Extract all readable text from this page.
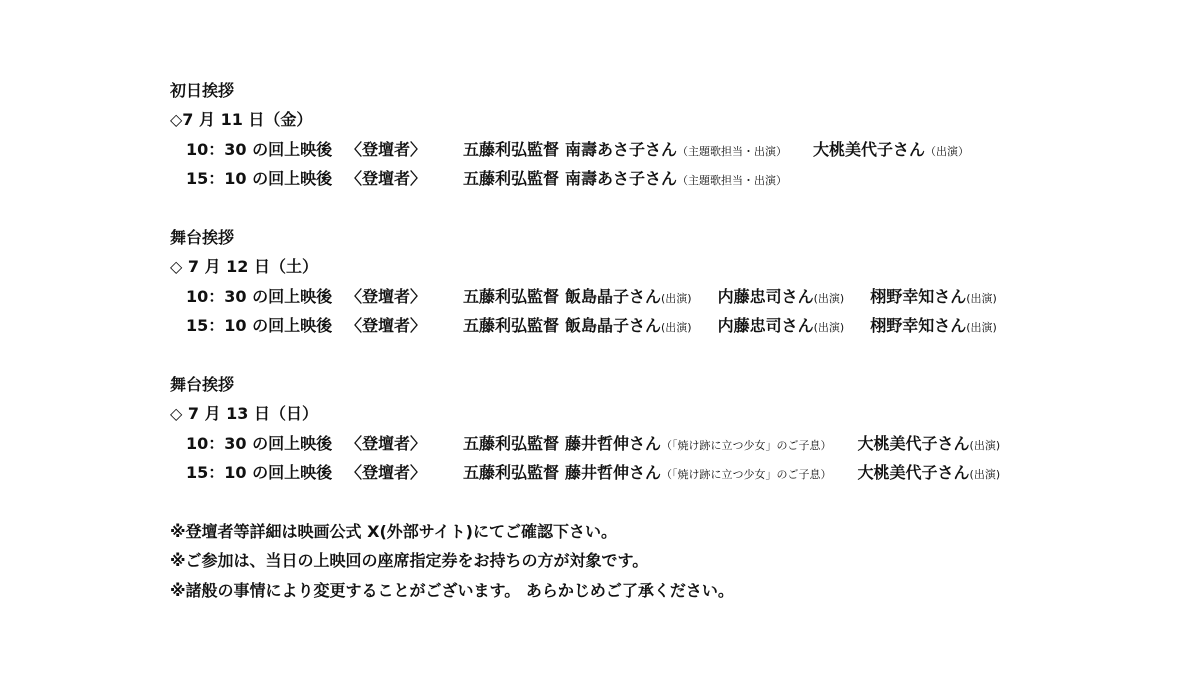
初日挨拶
◇7 月 11 日（金）
10：30 の回上映後 〈登壇者〉 五藤利弘監督 南壽あさ子さん（主題歌担当・出演） 大桃美代子さん（出演）
15：10 の回上映後 〈登壇者〉 五藤利弘監督 南壽あさ子さん（主題歌担当・出演）
舞台挨拶
◇ 7 月 12 日（土）
10：30 の回上映後 〈登壇者〉 五藤利弘監督 飯島晶子さん(出演) 内藤忠司さん(出演) 栩野幸知さん(出演)
15：10 の回上映後 〈登壇者〉 五藤利弘監督 飯島晶子さん(出演) 内藤忠司さん(出演) 栩野幸知さん(出演)
舞台挨拶
◇ 7 月 13 日（日）
10：30 の回上映後 〈登壇者〉 五藤利弘監督 藤井哲伸さん（「焼け跡に立つ少女」のご子息） 大桃美代子さん(出演)
15：10 の回上映後 〈登壇者〉 五藤利弘監督 藤井哲伸さん（「焼け跡に立つ少女」のご子息） 大桃美代子さん(出演)
※登壇者等詳細は映画公式 X(外部サイト)にてご確認下さい。
※ご参加は、当日の上映回の座席指定券をお持ちの方が対象です。
※諸般の事情により変更することがございます。 あらかじめご了承ください。
